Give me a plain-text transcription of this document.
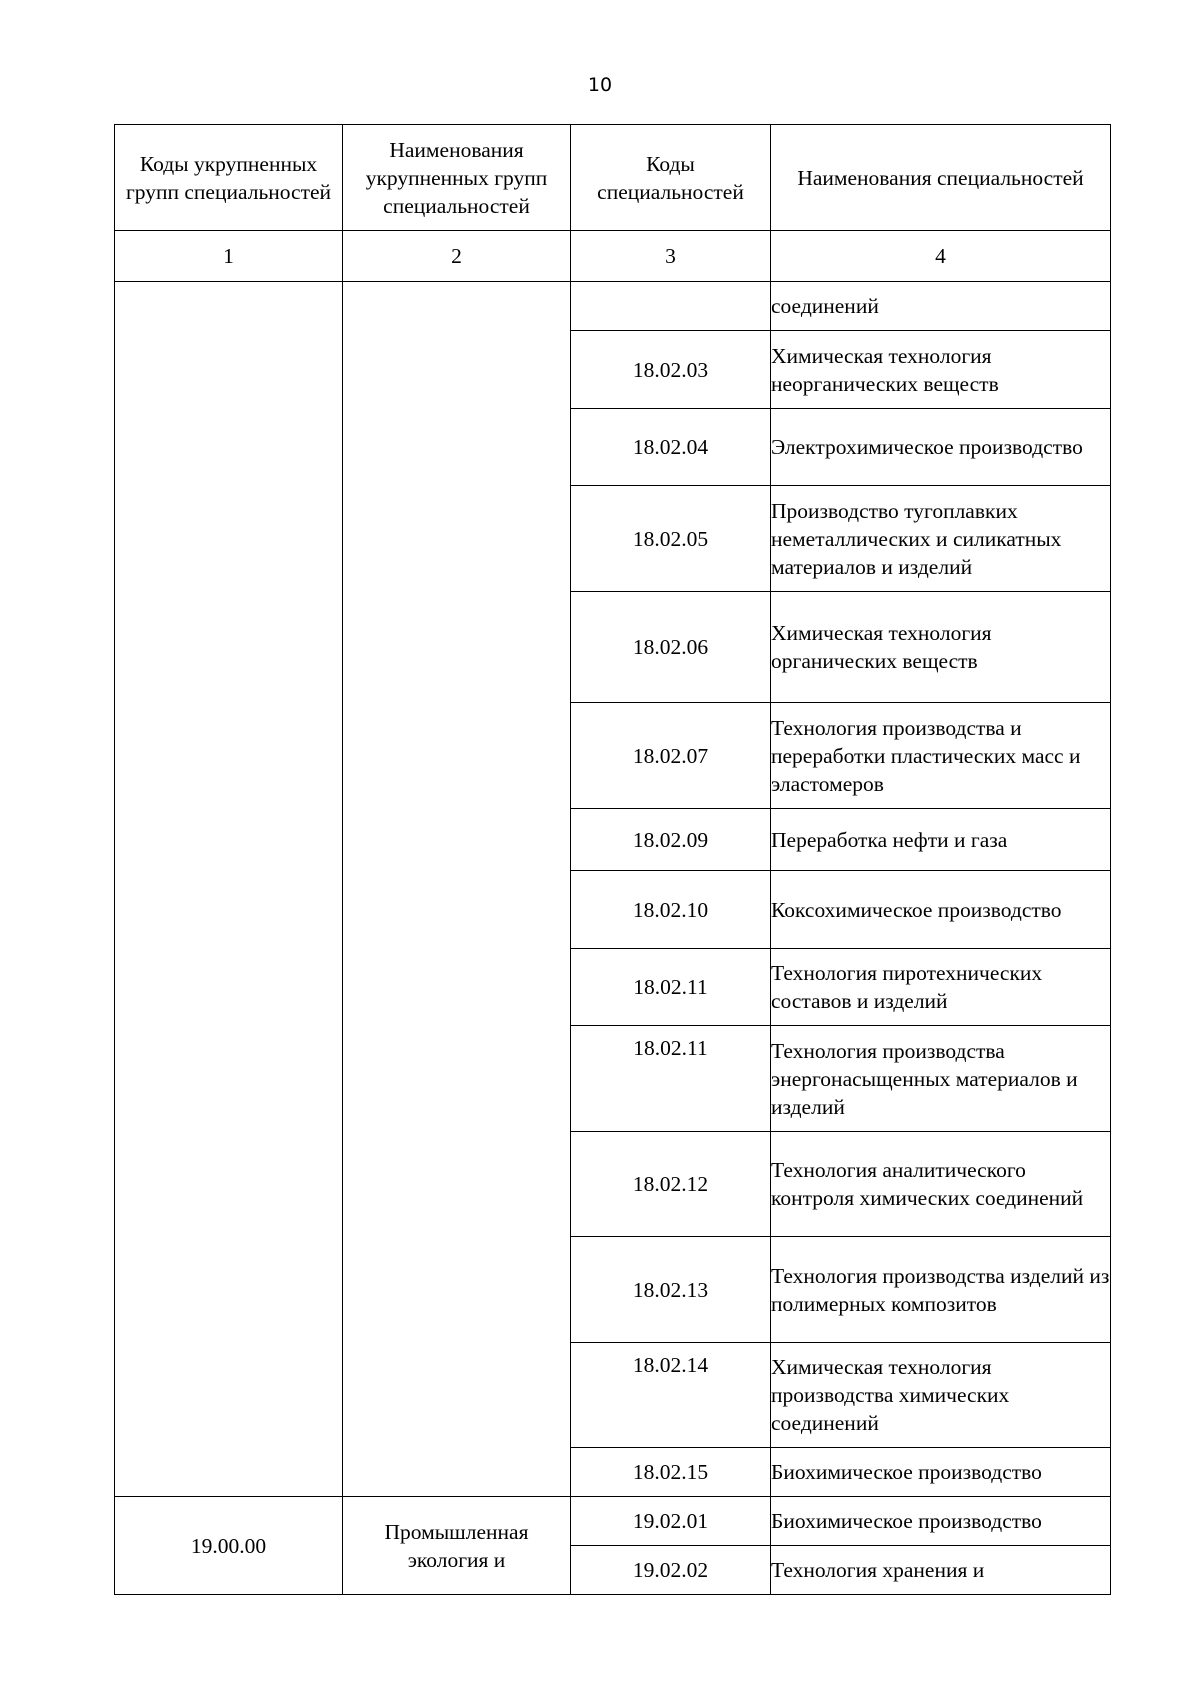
10
Коды укрупненных групп специальностей	Наименования укрупненных групп специальностей	Коды специальностей	Наименования специальностей
1	2	3	4
			соединений
		18.02.03	Химическая технология неорганических веществ
		18.02.04	Электрохимическое производство
		18.02.05	Производство тугоплавких неметаллических и силикатных материалов и изделий
		18.02.06	Химическая технология органических веществ
		18.02.07	Технология производства и переработки пластических масс и эластомеров
		18.02.09	Переработка нефти и газа
		18.02.10	Коксохимическое производство
		18.02.11	Технология пиротехнических составов и изделий
		18.02.11	Технология производства энергонасыщенных материалов и изделий
		18.02.12	Технология аналитического контроля химических соединений
		18.02.13	Технология производства изделий из полимерных композитов
		18.02.14	Химическая технология производства химических соединений
		18.02.15	Биохимическое производство
19.00.00	Промышленная экология и	19.02.01	Биохимическое производство
		19.02.02	Технология хранения и
